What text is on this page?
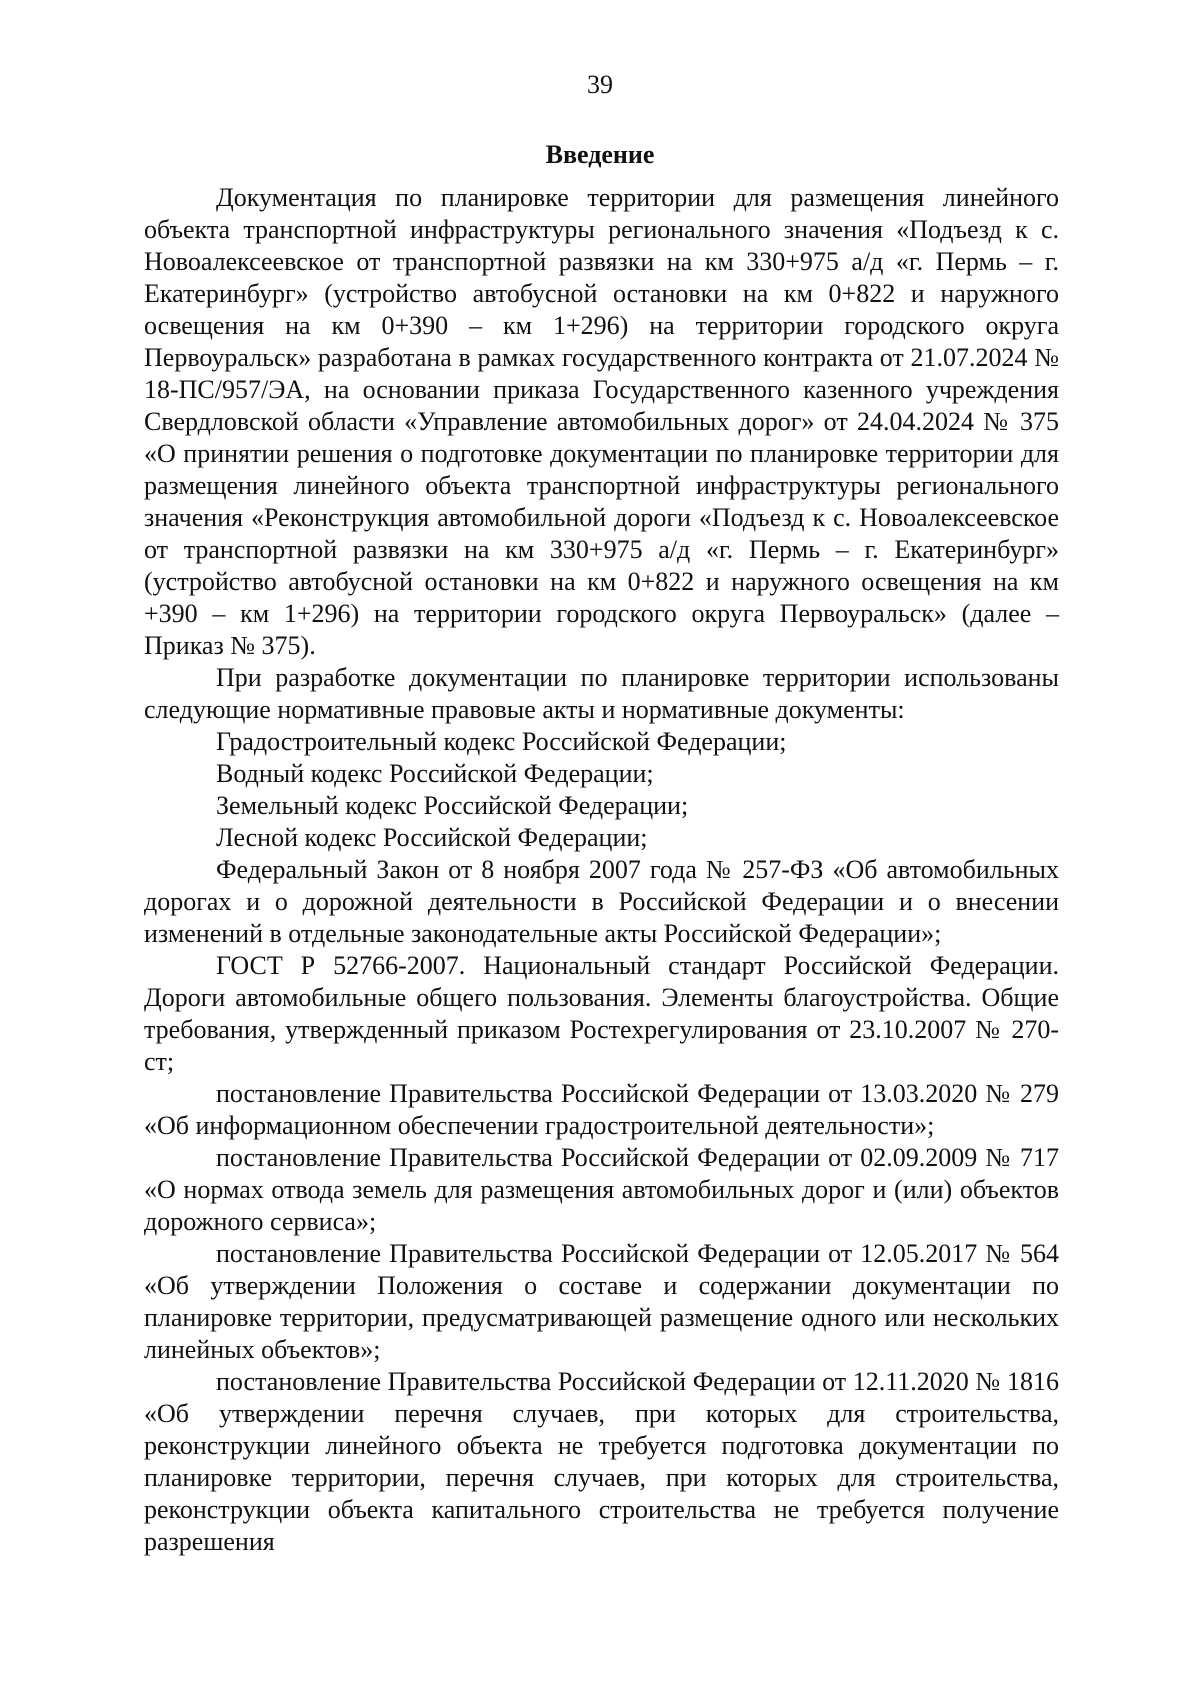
39
Введение

Документация по планировке территории для размещения линейного объекта транспортной инфраструктуры регионального значения «Подъезд к с. Новоалексеевское от транспортной развязки на км 330+975 а/д «г. Пермь – г. Екатеринбург» (устройство автобусной остановки на км 0+822 и наружного освещения на км 0+390 – км 1+296) на территории городского округа Первоуральск» разработана в рамках государственного контракта от 21.07.2024 № 18-ПС/957/ЭА, на основании приказа Государственного казенного учреждения Свердловской области «Управление автомобильных дорог» от 24.04.2024 № 375 «О принятии решения о подготовке документации по планировке территории для размещения линейного объекта транспортной инфраструктуры регионального значения «Реконструкция автомобильной дороги «Подъезд к с. Новоалексеевское от транспортной развязки на км 330+975 а/д «г. Пермь – г. Екатеринбург» (устройство автобусной остановки на км 0+822 и наружного освещения на км +390 – км 1+296) на территории городского округа Первоуральск» (далее – Приказ № 375).

При разработке документации по планировке территории использованы следующие нормативные правовые акты и нормативные документы:

Градостроительный кодекс Российской Федерации;

Водный кодекс Российской Федерации;

Земельный кодекс Российской Федерации;

Лесной кодекс Российской Федерации;

Федеральный Закон от 8 ноября 2007 года № 257-ФЗ «Об автомобильных дорогах и о дорожной деятельности в Российской Федерации и о внесении изменений в отдельные законодательные акты Российской Федерации»;

ГОСТ Р 52766-2007. Национальный стандарт Российской Федерации. Дороги автомобильные общего пользования. Элементы благоустройства. Общие требования, утвержденный приказом Ростехрегулирования от 23.10.2007 № 270-ст;

постановление Правительства Российской Федерации от 13.03.2020 № 279 «Об информационном обеспечении градостроительной деятельности»;

постановление Правительства Российской Федерации от 02.09.2009 № 717 «О нормах отвода земель для размещения автомобильных дорог и (или) объектов дорожного сервиса»;

постановление Правительства Российской Федерации от 12.05.2017 № 564 «Об утверждении Положения о составе и содержании документации по планировке территории, предусматривающей размещение одного или нескольких линейных объектов»;

постановление Правительства Российской Федерации от 12.11.2020 № 1816 «Об утверждении перечня случаев, при которых для строительства, реконструкции линейного объекта не требуется подготовка документации по планировке территории, перечня случаев, при которых для строительства, реконструкции объекта капитального строительства не требуется получение разрешения
